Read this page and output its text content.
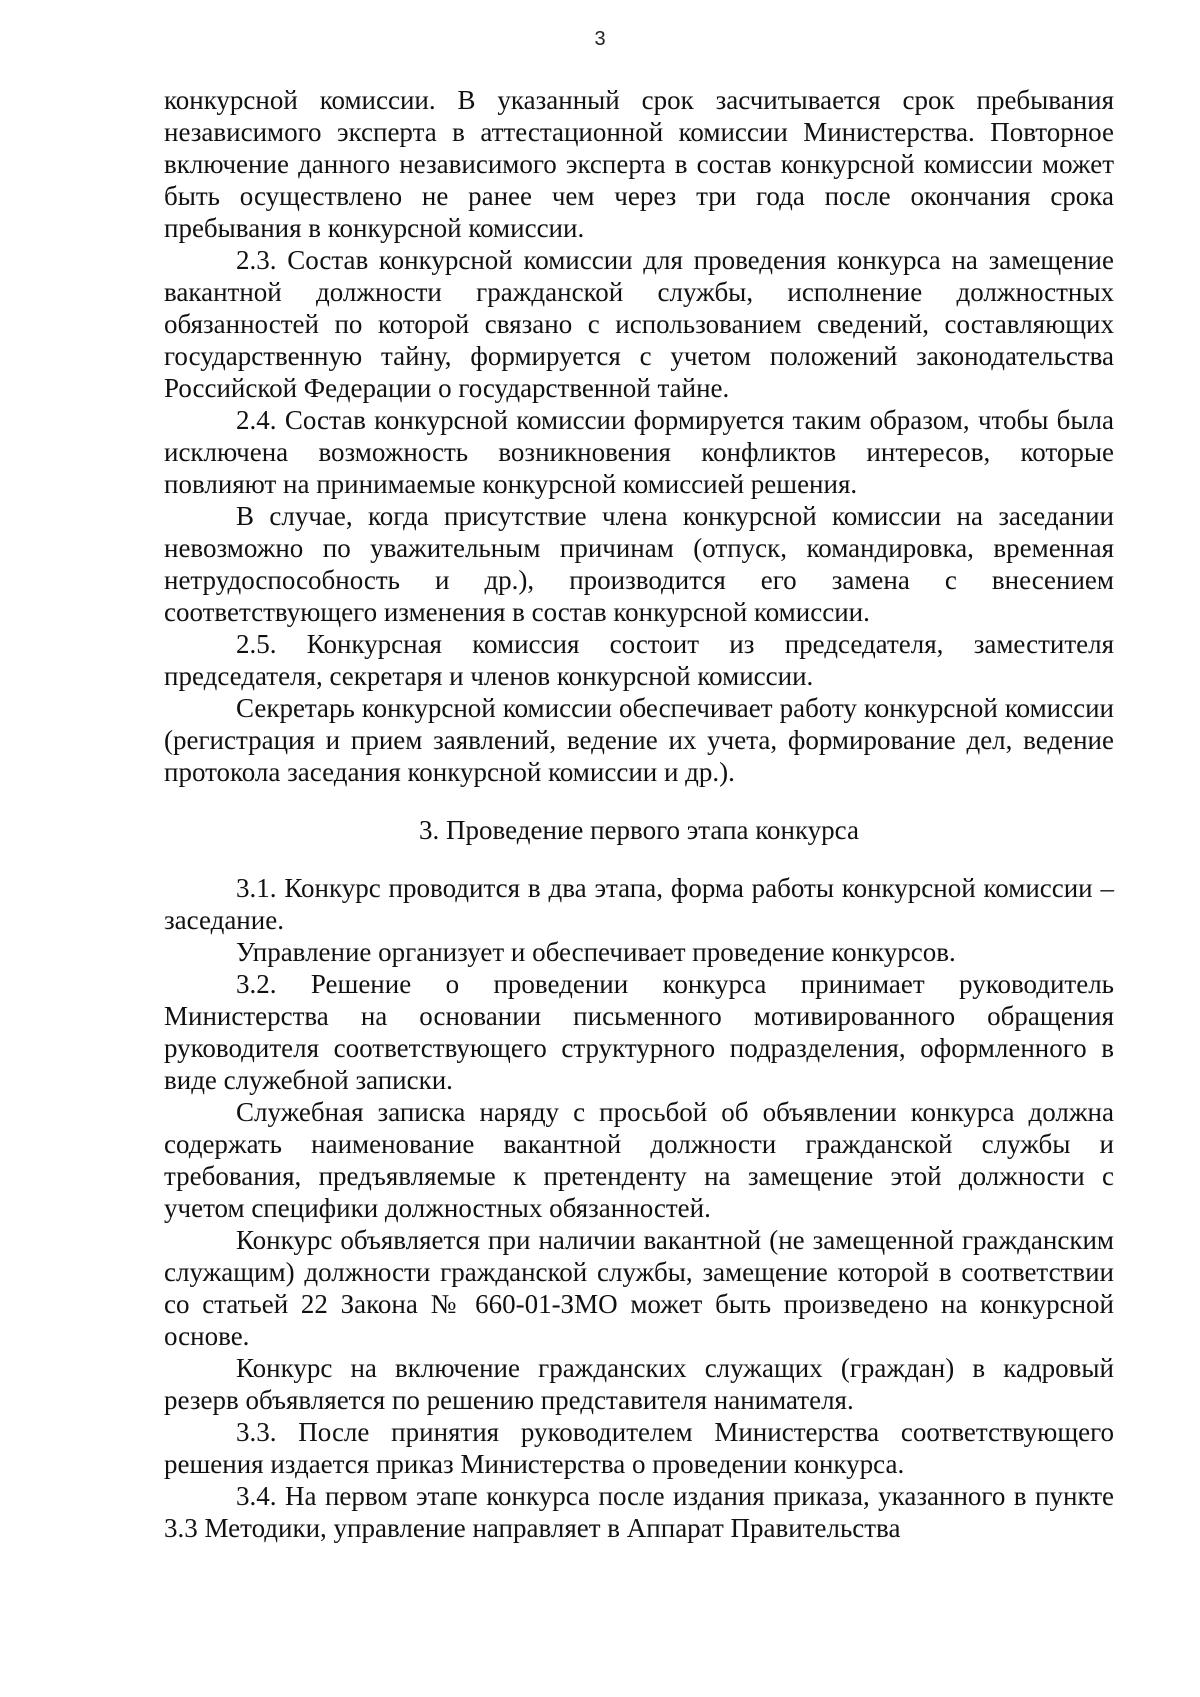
3

конкурсной комиссии. В указанный срок засчитывается срок пребывания независимого эксперта в аттестационной комиссии Министерства. Повторное включение данного независимого эксперта в состав конкурсной комиссии может быть осуществлено не ранее чем через три года после окончания срока пребывания в конкурсной комиссии.

2.3. Состав конкурсной комиссии для проведения конкурса на замещение вакантной должности гражданской службы, исполнение должностных обязанностей по которой связано с использованием сведений, составляющих государственную тайну, формируется с учетом положений законодательства Российской Федерации о государственной тайне.

2.4. Состав конкурсной комиссии формируется таким образом, чтобы была исключена возможность возникновения конфликтов интересов, которые повлияют на принимаемые конкурсной комиссией решения.

В случае, когда присутствие члена конкурсной комиссии на заседании невозможно по уважительным причинам (отпуск, командировка, временная нетрудоспособность и др.), производится его замена с внесением соответствующего изменения в состав конкурсной комиссии.

2.5. Конкурсная комиссия состоит из председателя, заместителя председателя, секретаря и членов конкурсной комиссии.

Секретарь конкурсной комиссии обеспечивает работу конкурсной комиссии (регистрация и прием заявлений, ведение их учета, формирование дел, ведение протокола заседания конкурсной комиссии и др.).

3. Проведение первого этапа конкурса

3.1. Конкурс проводится в два этапа, форма работы конкурсной комиссии – заседание.

Управление организует и обеспечивает проведение конкурсов.

3.2. Решение о проведении конкурса принимает руководитель Министерства на основании письменного мотивированного обращения руководителя соответствующего структурного подразделения, оформленного в виде служебной записки.

Служебная записка наряду с просьбой об объявлении конкурса должна содержать наименование вакантной должности гражданской службы и требования, предъявляемые к претенденту на замещение этой должности с учетом специфики должностных обязанностей.

Конкурс объявляется при наличии вакантной (не замещенной гражданским служащим) должности гражданской службы, замещение которой в соответствии со статьей 22 Закона № 660-01-ЗМО может быть произведено на конкурсной основе.

Конкурс на включение гражданских служащих (граждан) в кадровый резерв объявляется по решению представителя нанимателя.

3.3. После принятия руководителем Министерства соответствующего решения издается приказ Министерства о проведении конкурса.

3.4. На первом этапе конкурса после издания приказа, указанного в пункте 3.3 Методики, управление направляет в Аппарат Правительства
